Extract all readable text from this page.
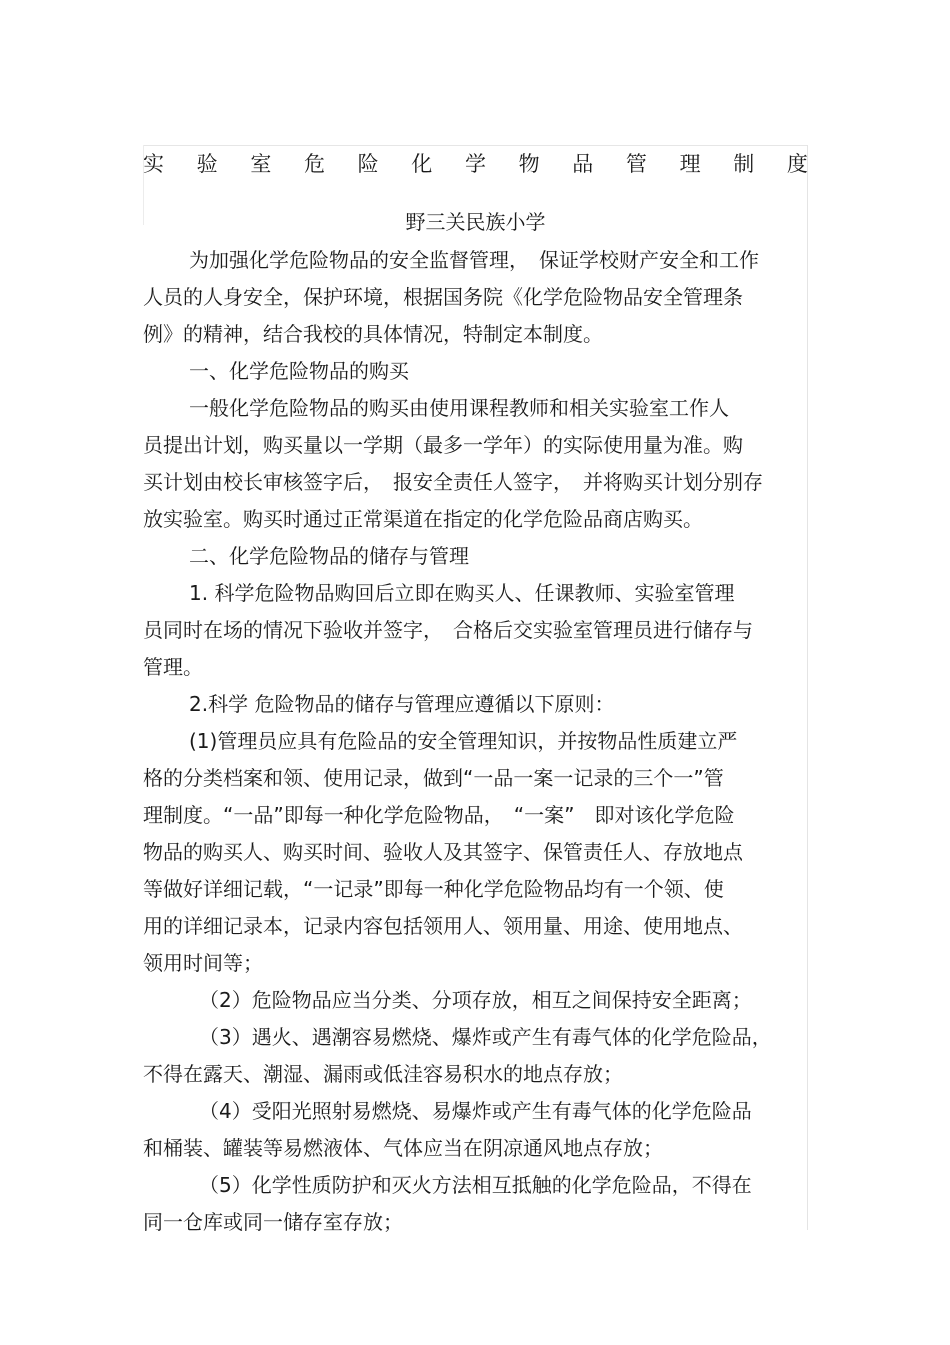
实 验 室 危 险 化 学 物 品 管 理 制 度
野三关民族小学
为加强化学危险物品的安全监督管理，　保证学校财产安全和工作
人员的人身安全，保护环境，根据国务院《化学危险物品安全管理条
例》的精神，结合我校的具体情况，特制定本制度。
一、化学危险物品的购买
一般化学危险物品的购买由使用课程教师和相关实验室工作人
员提出计划，购买量以一学期（最多一学年）的实际使用量为准。购
买计划由校长审核签字后，　报安全责任人签字，　并将购买计划分别存
放实验室。购买时通过正常渠道在指定的化学危险品商店购买。
二、化学危险物品的储存与管理
1. 科学危险物品购回后立即在购买人、任课教师、实验室管理
员同时在场的情况下验收并签字，　合格后交实验室管理员进行储存与
管理。
2.科学 危险物品的储存与管理应遵循以下原则：
(1)管理员应具有危险品的安全管理知识，并按物品性质建立严
格的分类档案和领、使用记录，做到“一品一案一记录的三个一”管
理制度。“一品”即每一种化学危险物品，　“一案”　即对该化学危险
物品的购买人、购买时间、验收人及其签字、保管责任人、存放地点
等做好详细记载，“一记录”即每一种化学危险物品均有一个领、使
用的详细记录本，记录内容包括领用人、领用量、用途、使用地点、
领用时间等；
（2）危险物品应当分类、分项存放，相互之间保持安全距离；
（3）遇火、遇潮容易燃烧、爆炸或产生有毒气体的化学危险品，
不得在露天、潮湿、漏雨或低洼容易积水的地点存放；
（4）受阳光照射易燃烧、易爆炸或产生有毒气体的化学危险品
和桶装、罐装等易燃液体、气体应当在阴凉通风地点存放；
（5）化学性质防护和灭火方法相互抵触的化学危险品，不得在
同一仓库或同一储存室存放；
